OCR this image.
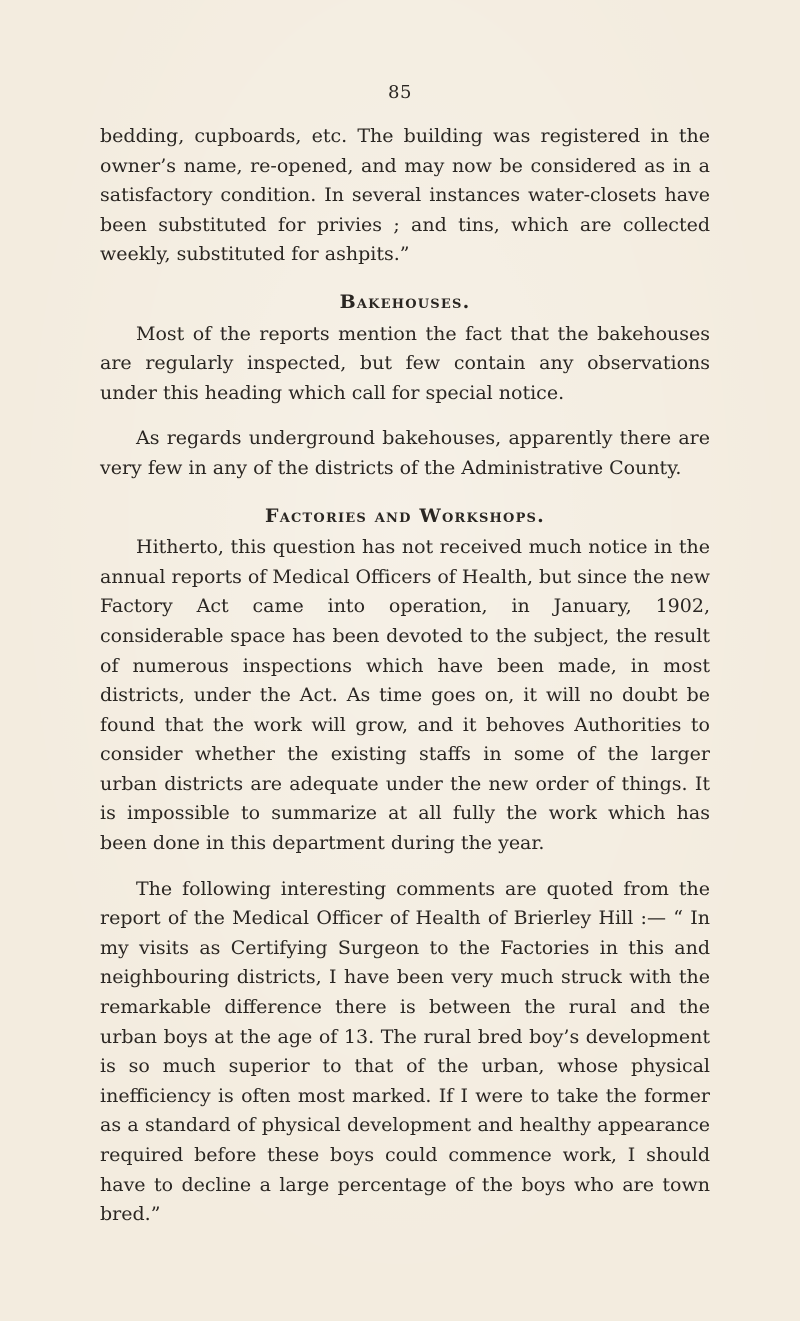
85

bedding, cupboards, etc. The building was registered in the owner’s name, re-opened, and may now be considered as in a satisfactory condition. In several instances water-closets have been substituted for privies ; and tins, which are collected weekly, substituted for ashpits.”

Bakehouses.

Most of the reports mention the fact that the bakehouses are regularly inspected, but few contain any observations under this heading which call for special notice.

As regards underground bakehouses, apparently there are very few in any of the districts of the Administrative County.

Factories and Workshops.

Hitherto, this question has not received much notice in the annual reports of Medical Officers of Health, but since the new Factory Act came into operation, in January, 1902, considerable space has been devoted to the subject, the result of numerous inspections which have been made, in most districts, under the Act. As time goes on, it will no doubt be found that the work will grow, and it behoves Authorities to consider whether the existing staffs in some of the larger urban districts are adequate under the new order of things. It is impossible to summarize at all fully the work which has been done in this department during the year.

The following interesting comments are quoted from the report of the Medical Officer of Health of Brierley Hill :— “ In my visits as Certifying Surgeon to the Factories in this and neighbouring districts, I have been very much struck with the remarkable difference there is between the rural and the urban boys at the age of 13. The rural bred boy’s development is so much superior to that of the urban, whose physical inefficiency is often most marked. If I were to take the former as a standard of physical development and healthy appearance required before these boys could commence work, I should have to decline a large percentage of the boys who are town bred.”
